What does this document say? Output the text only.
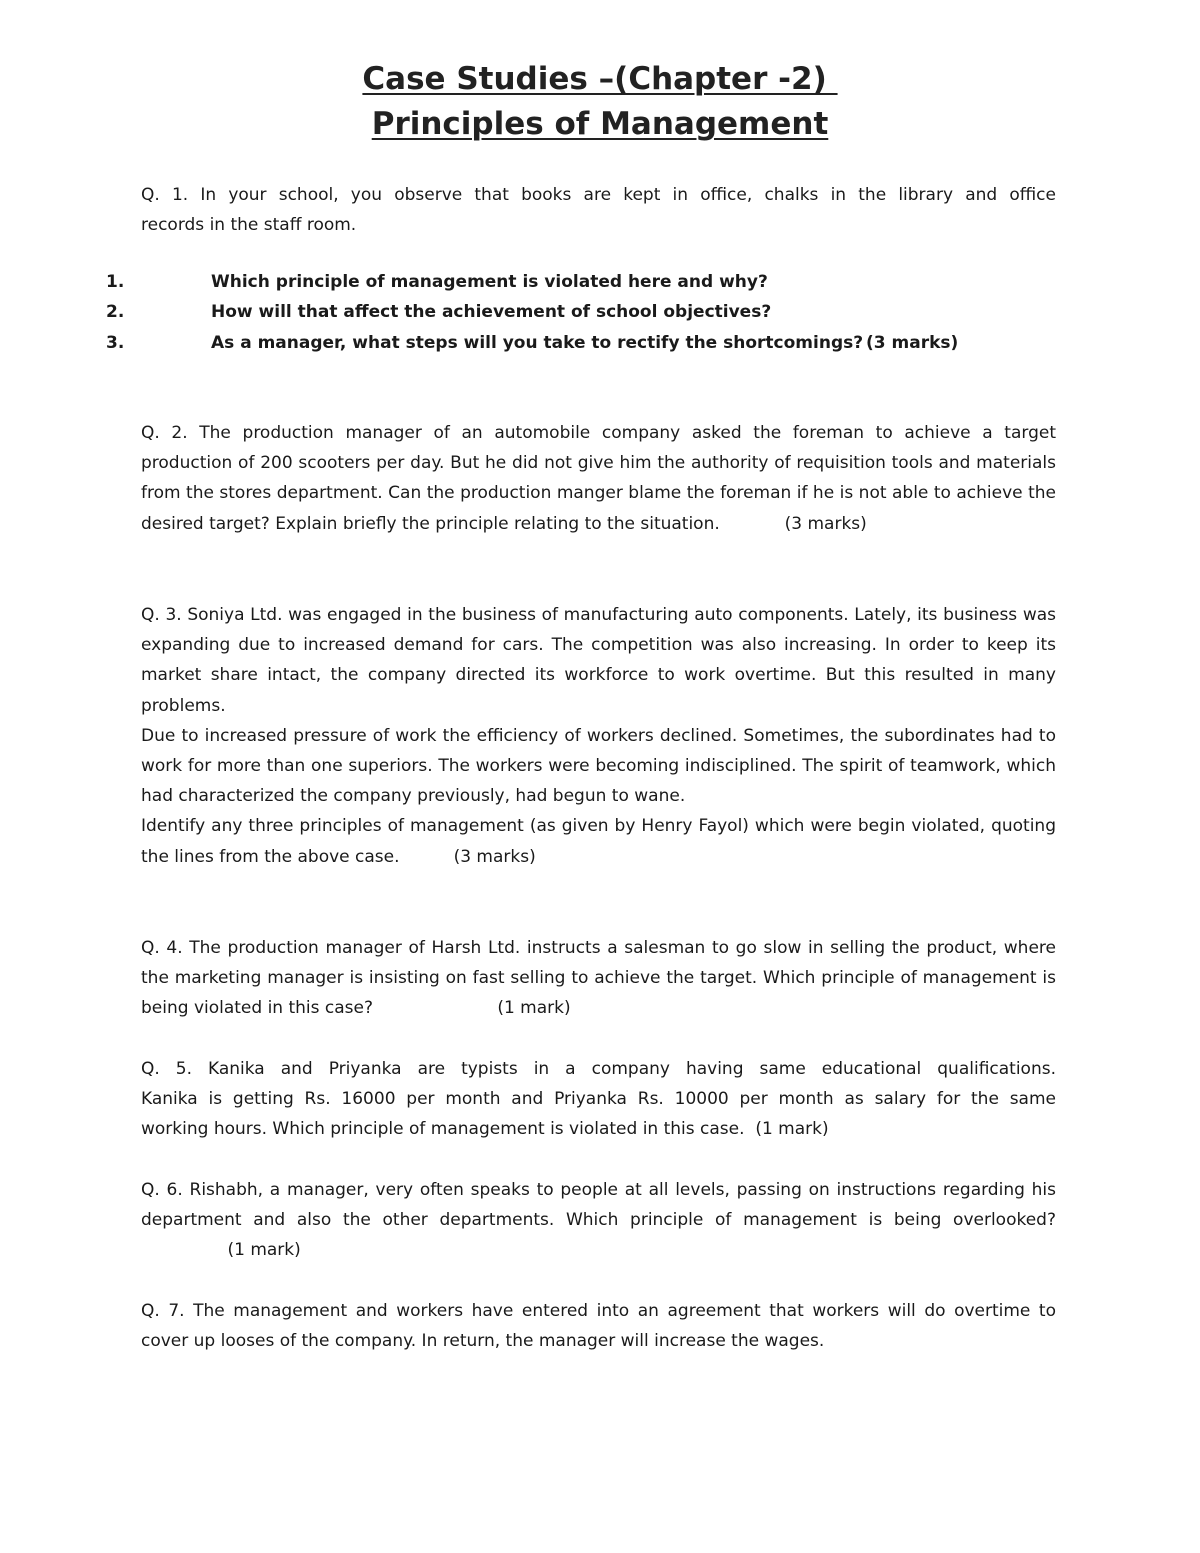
Case Studies –(Chapter -2)
Principles of Management

Q. 1. In your school, you observe that books are kept in office, chalks in the library and office

records in the staff room.

1.	Which principle of management is violated here and why?
2.	How will that affect the achievement of school objectives?
3.	As a manager, what steps will you take to rectify the shortcomings? (3 marks)

Q. 2. The production manager of an automobile company asked the foreman to achieve a target production of 200 scooters per day. But he did not give him the authority of requisition tools and materials from the stores department. Can the production manger blame the foreman if he is not able to achieve the desired target? Explain briefly the principle relating to the situation.	(3 marks)

Q. 3. Soniya Ltd. was engaged in the business of manufacturing auto components. Lately, its business was expanding due to increased demand for cars. The competition was also increasing. In order to keep its market share intact, the company directed its workforce to work overtime. But this resulted in many problems.

Due to increased pressure of work the efficiency of workers declined. Sometimes, the subordinates had to work for more than one superiors. The workers were becoming indisciplined. The spirit of teamwork, which had characterized the company previously, had begun to wane.

Identify any three principles of management (as given by Henry Fayol) which were begin violated, quoting the lines from the above case.	(3 marks)

Q. 4. The production manager of Harsh Ltd. instructs a salesman to go slow in selling the product, where the marketing manager is insisting on fast selling to achieve the target. Which principle of management is being violated in this case?	(1 mark)

Q. 5. Kanika and Priyanka are typists in a company having same educational qualifications.

Kanika is getting Rs. 16000 per month and Priyanka Rs. 10000 per month as salary for the same

working hours. Which principle of management is violated in this case. (1 mark)

Q. 6. Rishabh, a manager, very often speaks to people at all levels, passing on instructions regarding his department and also the other departments. Which principle of management is being overlooked?                (1 mark)

Q. 7. The management and workers have entered into an agreement that workers will do overtime to cover up looses of the company. In return, the manager will increase the wages.
